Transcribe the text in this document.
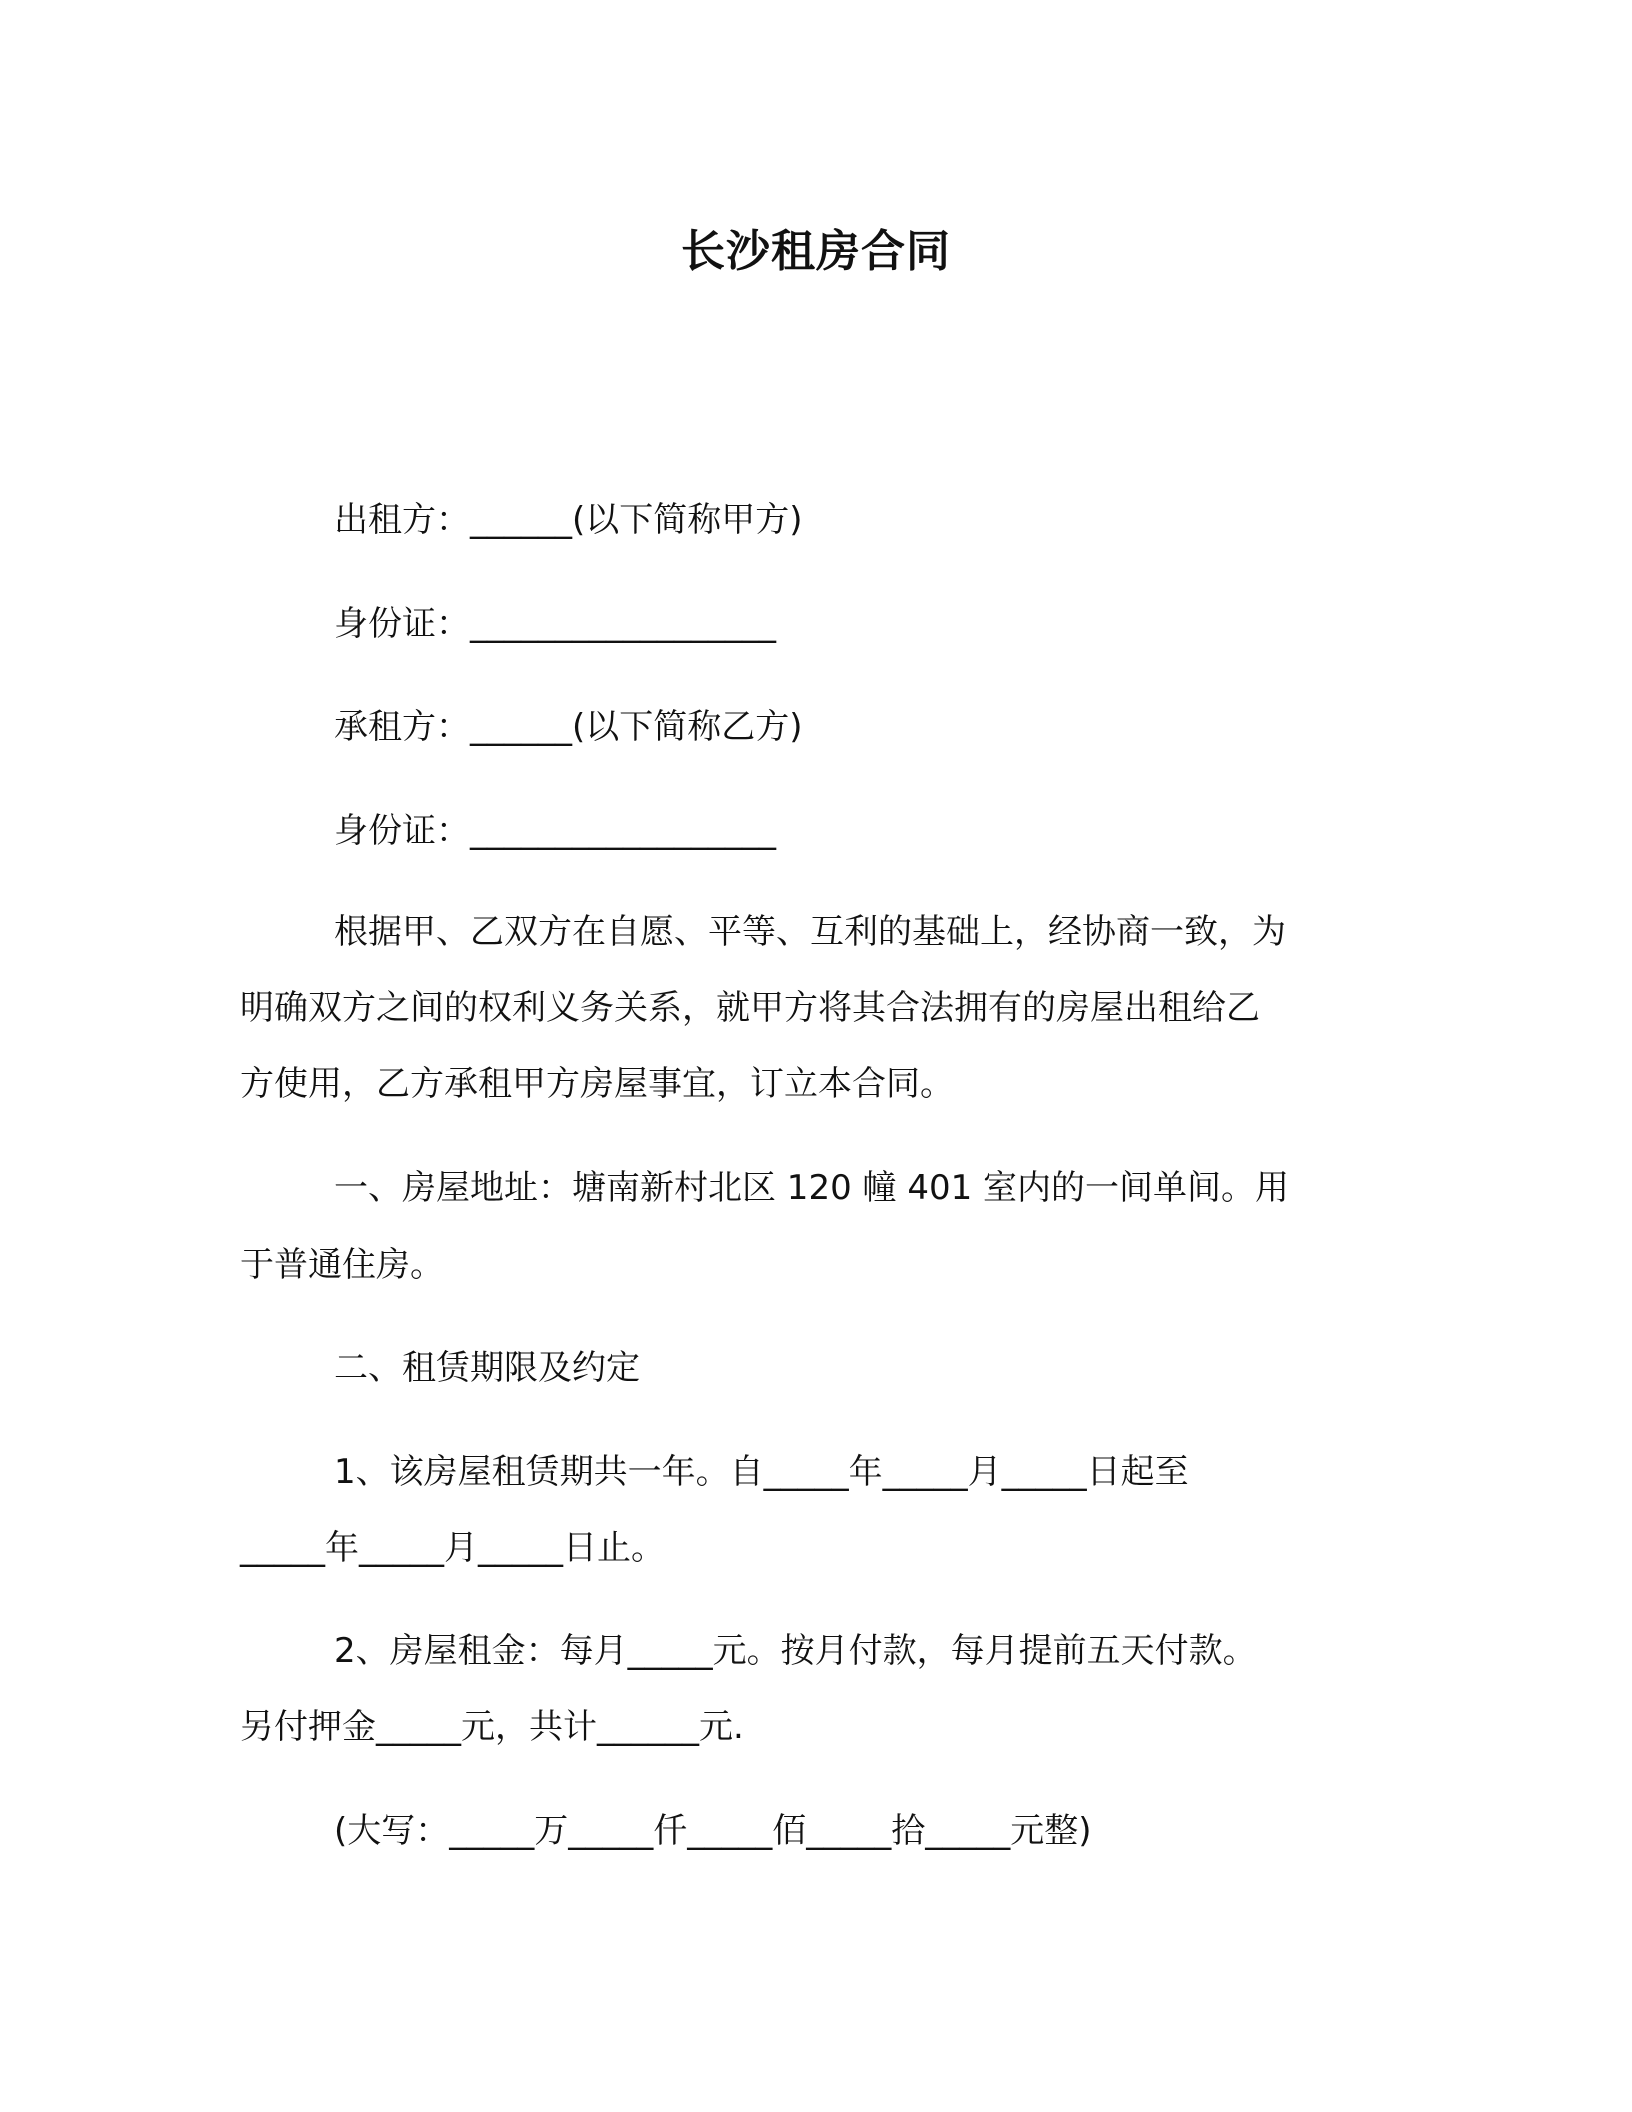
长沙租房合同
出租方：______(以下简称甲方)
身份证：__________________
承租方：______(以下简称乙方)
身份证：__________________
根据甲、乙双方在自愿、平等、互利的基础上，经协商一致，为
明确双方之间的权利义务关系，就甲方将其合法拥有的房屋出租给乙
方使用，乙方承租甲方房屋事宜，订立本合同。
一、房屋地址：塘南新村北区 120 幢 401 室内的一间单间。用
于普通住房。
二、租赁期限及约定
1、该房屋租赁期共一年。自_____年_____月_____日起至
_____年_____月_____日止。
2、房屋租金：每月_____元。按月付款，每月提前五天付款。
另付押金_____元，共计______元.
(大写：_____万_____仟_____佰_____拾_____元整)
